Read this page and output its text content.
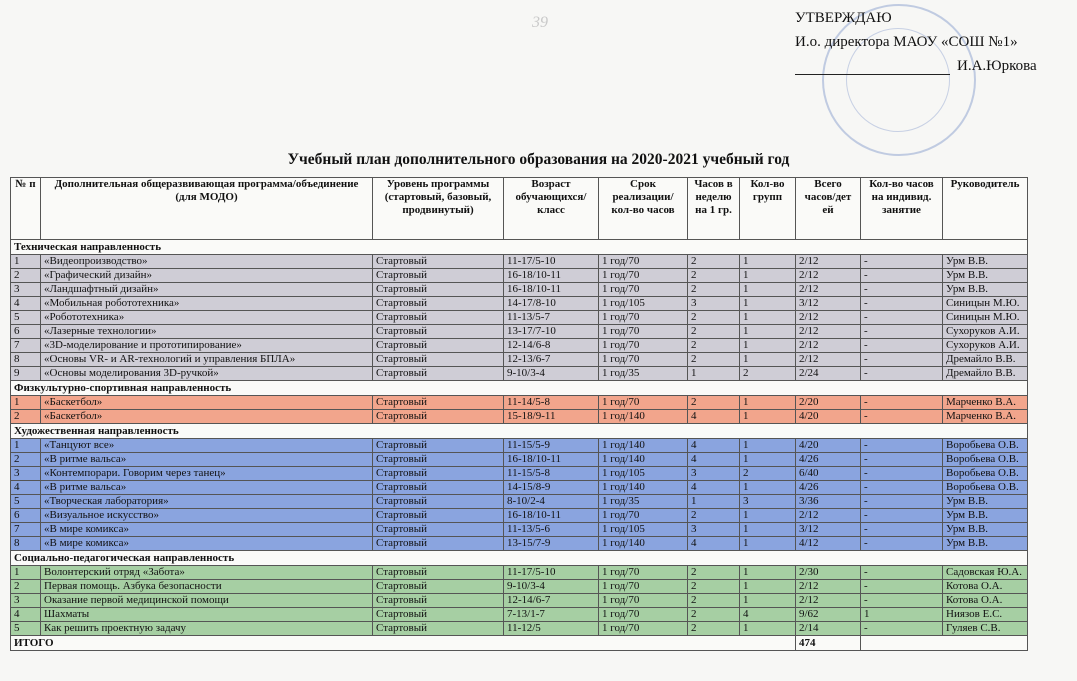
39	УТВЕРЖДАЮ
И.о. директора МАОУ «СОШ №1»
И.А.Юркова
Учебный план дополнительного образования на 2020-2021 учебный год
№ п	Дополнительная общеразвивающая программа/объединение (для МОДО)	Уровень программы (стартовый, базовый, продвинутый)	Возраст обучающихся/ класс	Срок реализации/ кол-во часов	Часов в неделю на 1 гр.	Кол-во групп	Всего часов/дет ей	Кол-во часов на индивид. занятие	Руководитель
Техническая направленность									
1	«Видеопроизводство»	Стартовый	11-17/5-10	1 год/70	2	1	2/12	-	Урм В.В.
2	«Графический дизайн»	Стартовый	16-18/10-11	1 год/70	2	1	2/12	-	Урм В.В.
3	«Ландшафтный дизайн»	Стартовый	16-18/10-11	1 год/70	2	1	2/12	-	Урм В.В.
4	«Мобильная робототехника»	Стартовый	14-17/8-10	1 год/105	3	1	3/12	-	Синицын М.Ю.
5	«Робототехника»	Стартовый	11-13/5-7	1 год/70	2	1	2/12	-	Синицын М.Ю.
6	«Лазерные технологии»	Стартовый	13-17/7-10	1 год/70	2	1	2/12	-	Сухоруков А.И.
7	«3D-моделирование и прототипирование»	Стартовый	12-14/6-8	1 год/70	2	1	2/12	-	Сухоруков А.И.
8	«Основы VR- и AR-технологий и управления БПЛА»	Стартовый	12-13/6-7	1 год/70	2	1	2/12	-	Дремайло В.В.
9	«Основы моделирования 3D-ручкой»	Стартовый	9-10/3-4	1 год/35	1	2	2/24	-	Дремайло В.В.
Физкультурно-спортивная направленность									
1	«Баскетбол»	Стартовый	11-14/5-8	1 год/70	2	1	2/20	-	Марченко В.А.
2	«Баскетбол»	Стартовый	15-18/9-11	1 год/140	4	1	4/20	-	Марченко В.А.
Художественная направленность									
1	«Танцуют все»	Стартовый	11-15/5-9	1 год/140	4	1	4/20	-	Воробьева О.В.
2	«В ритме вальса»	Стартовый	16-18/10-11	1 год/140	4	1	4/26	-	Воробьева О.В.
3	«Контемпорари. Говорим через танец»	Стартовый	11-15/5-8	1 год/105	3	2	6/40	-	Воробьева О.В.
4	«В ритме вальса»	Стартовый	14-15/8-9	1 год/140	4	1	4/26	-	Воробьева О.В.
5	«Творческая лаборатория»	Стартовый	8-10/2-4	1 год/35	1	3	3/36	-	Урм В.В.
6	«Визуальное искусство»	Стартовый	16-18/10-11	1 год/70	2	1	2/12	-	Урм В.В.
7	«В мире комикса»	Стартовый	11-13/5-6	1 год/105	3	1	3/12	-	Урм В.В.
8	«В мире комикса»	Стартовый	13-15/7-9	1 год/140	4	1	4/12	-	Урм В.В.
Социально-педагогическая направленность									
1	Волонтерский отряд «Забота»	Стартовый	11-17/5-10	1 год/70	2	1	2/30	-	Садовская Ю.А.
2	Первая помощь. Азбука безопасности	Стартовый	9-10/3-4	1 год/70	2	1	2/12	-	Котова О.А.
3	Оказание первой медицинской помощи	Стартовый	12-14/6-7	1 год/70	2	1	2/12	-	Котова О.А.
4	Шахматы	Стартовый	7-13/1-7	1 год/70	2	4	9/62	1	Ниязов Е.С.
5	Как решить проектную задачу	Стартовый	11-12/5	1 год/70	2	1	2/14	-	Гуляев С.В.
ИТОГО							474		
